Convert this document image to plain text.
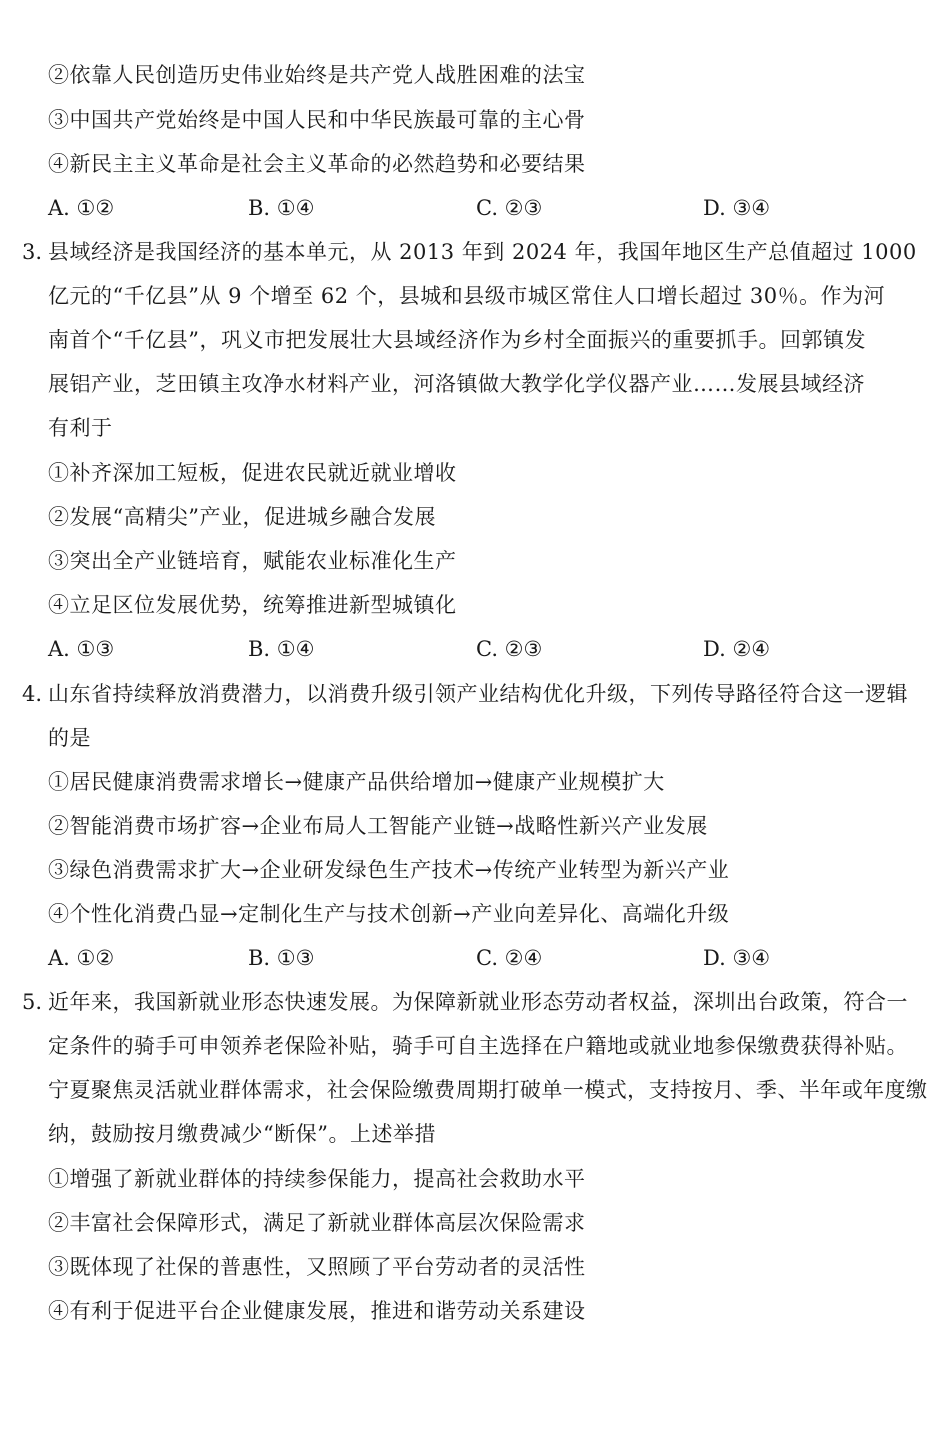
②依靠人民创造历史伟业始终是共产党人战胜困难的法宝
③中国共产党始终是中国人民和中华民族最可靠的主心骨
④新民主主义革命是社会主义革命的必然趋势和必要结果
A. ①②	B. ①④	C. ②③	D. ③④
3. 县域经济是我国经济的基本单元，从 2013 年到 2024 年，我国年地区生产总值超过 1000
亿元的“千亿县”从 9 个增至 62 个，县城和县级市城区常住人口增长超过 30％。作为河
南首个“千亿县”，巩义市把发展壮大县域经济作为乡村全面振兴的重要抓手。回郭镇发
展铝产业，芝田镇主攻净水材料产业，河洛镇做大教学化学仪器产业……发展县域经济
有利于
①补齐深加工短板，促进农民就近就业增收
②发展“高精尖”产业，促进城乡融合发展
③突出全产业链培育，赋能农业标准化生产
④立足区位发展优势，统筹推进新型城镇化
A. ①③	B. ①④	C. ②③	D. ②④
4. 山东省持续释放消费潜力，以消费升级引领产业结构优化升级，下列传导路径符合这一逻辑
的是
①居民健康消费需求增长→健康产品供给增加→健康产业规模扩大
②智能消费市场扩容→企业布局人工智能产业链→战略性新兴产业发展
③绿色消费需求扩大→企业研发绿色生产技术→传统产业转型为新兴产业
④个性化消费凸显→定制化生产与技术创新→产业向差异化、高端化升级
A. ①②	B. ①③	C. ②④	D. ③④
5. 近年来，我国新就业形态快速发展。为保障新就业形态劳动者权益，深圳出台政策，符合一
定条件的骑手可申领养老保险补贴，骑手可自主选择在户籍地或就业地参保缴费获得补贴。
宁夏聚焦灵活就业群体需求，社会保险缴费周期打破单一模式，支持按月、季、半年或年度缴
纳，鼓励按月缴费减少“断保”。上述举措
①增强了新就业群体的持续参保能力，提高社会救助水平
②丰富社会保障形式，满足了新就业群体高层次保险需求
③既体现了社保的普惠性，又照顾了平台劳动者的灵活性
④有利于促进平台企业健康发展，推进和谐劳动关系建设
